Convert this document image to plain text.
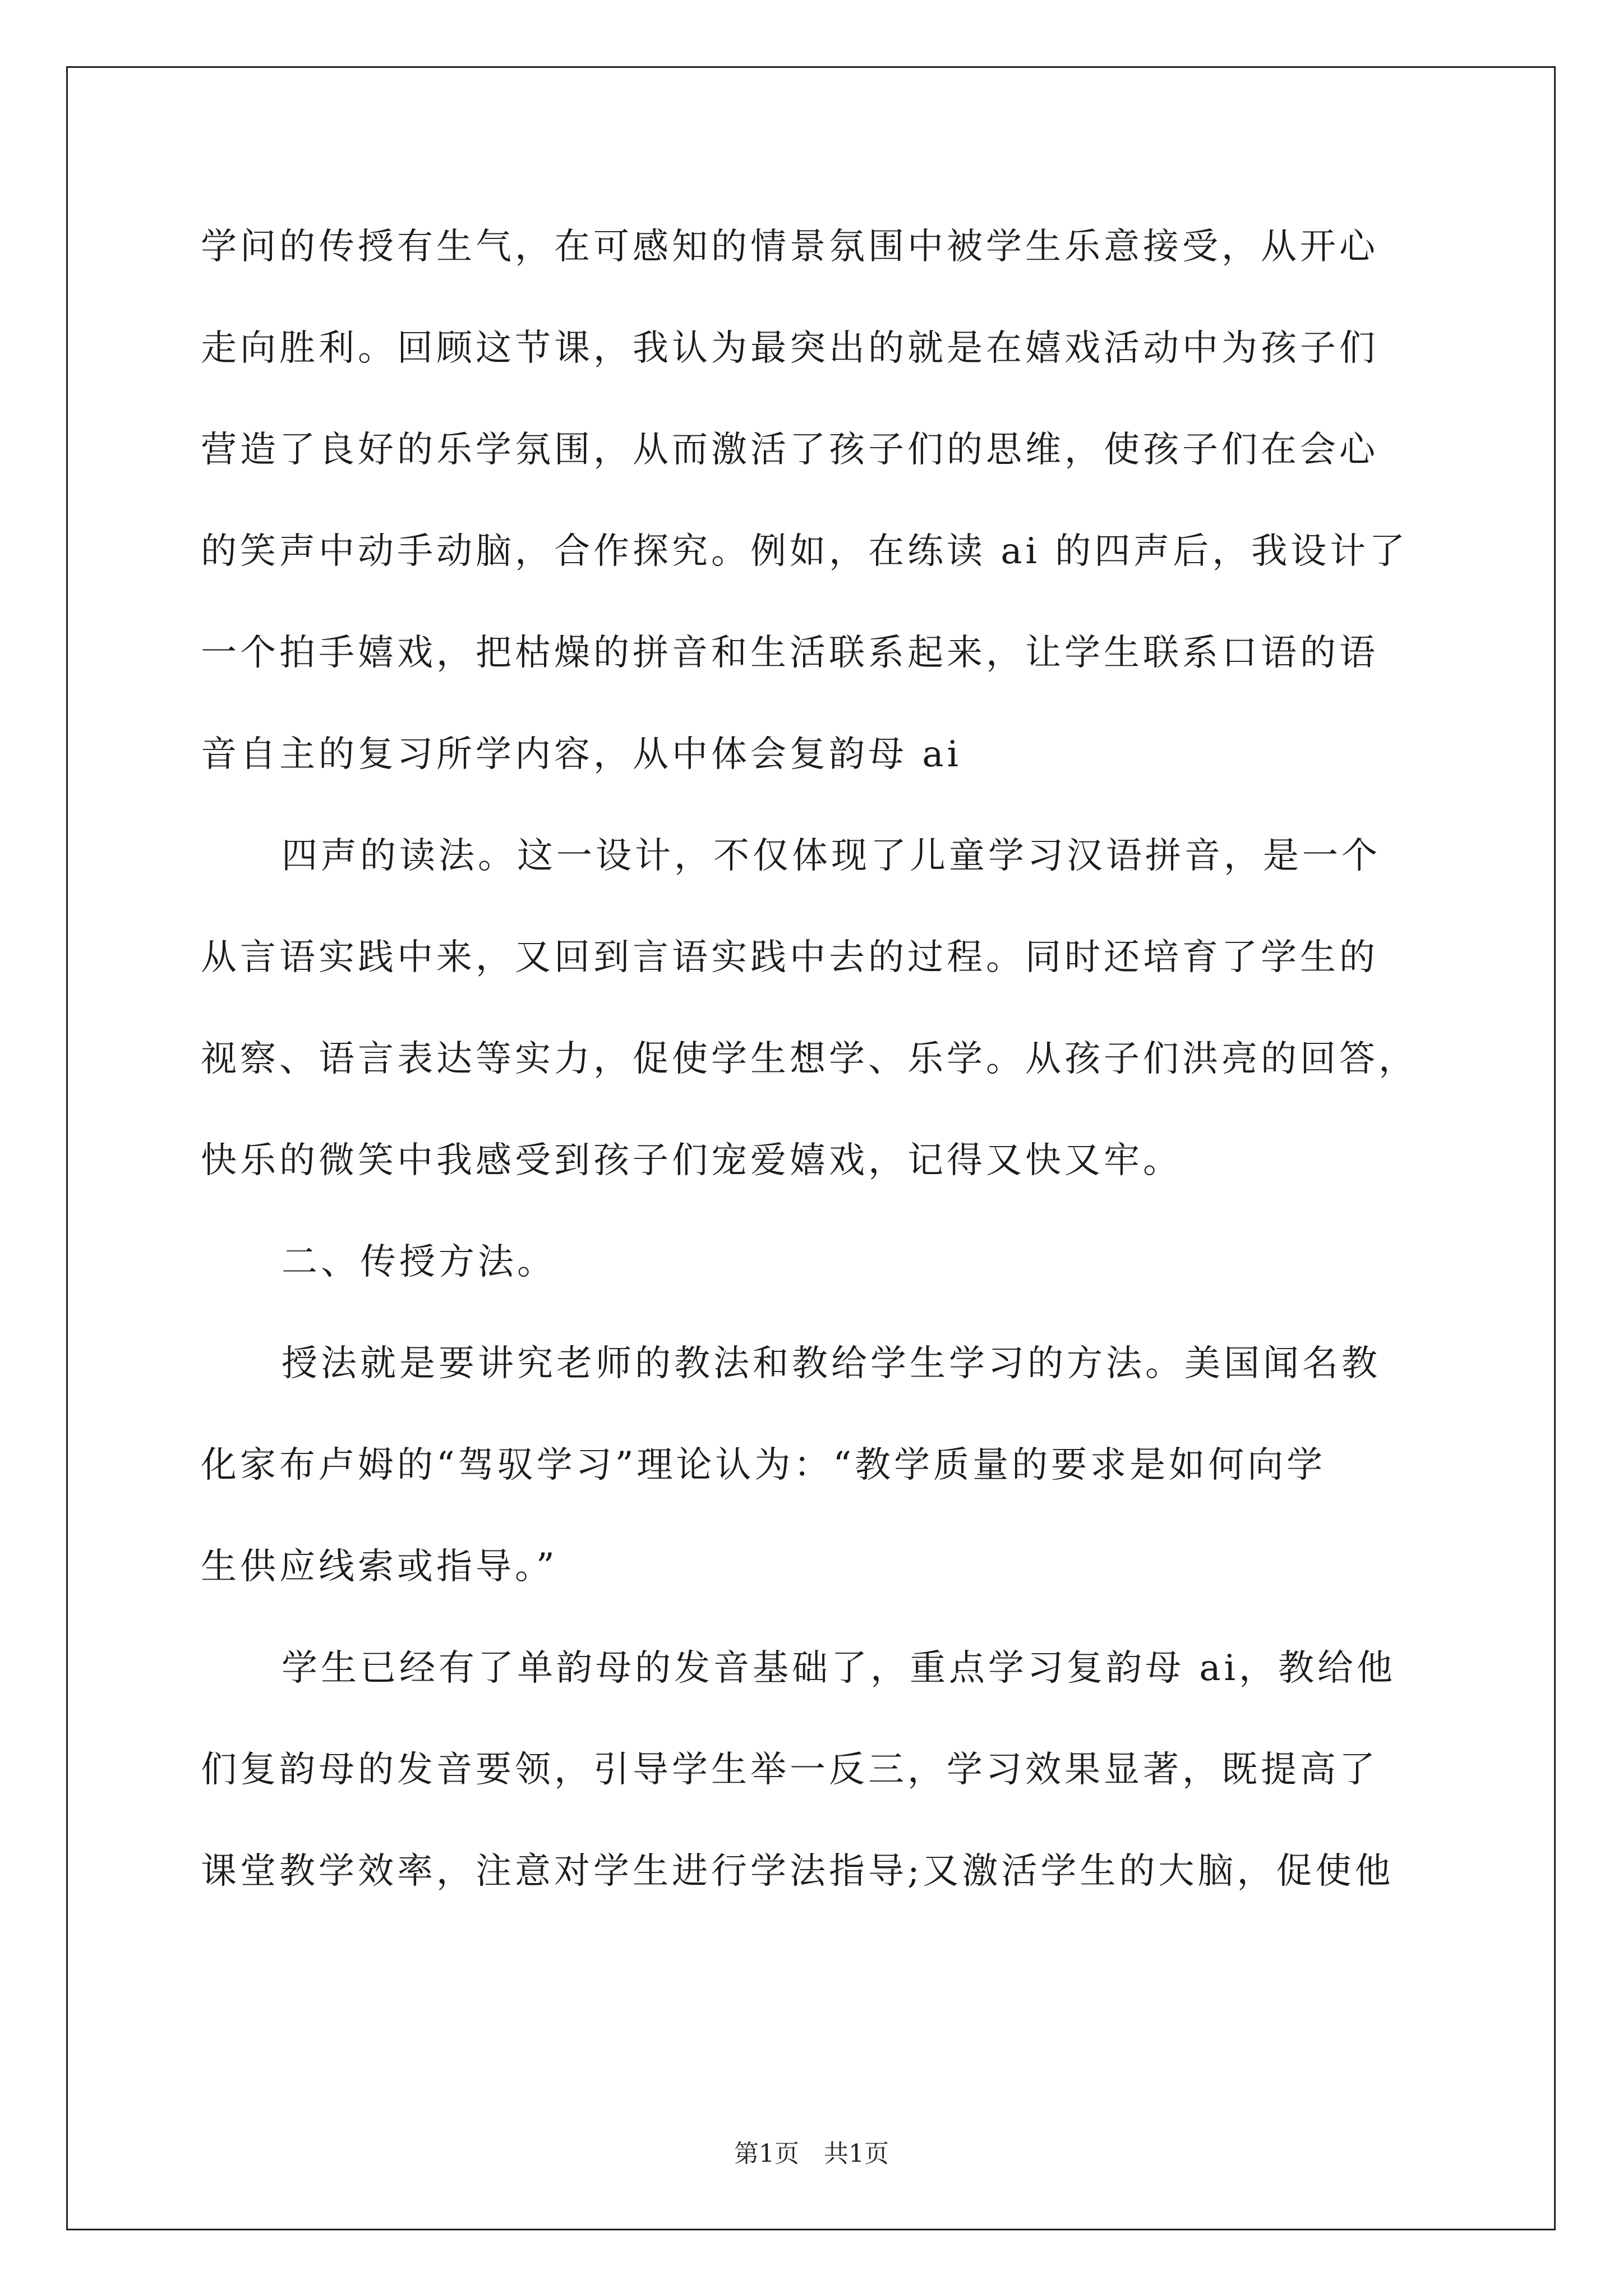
学问的传授有生气，在可感知的情景氛围中被学生乐意接受，从开心
走向胜利。回顾这节课，我认为最突出的就是在嬉戏活动中为孩子们
营造了良好的乐学氛围，从而激活了孩子们的思维，使孩子们在会心
的笑声中动手动脑，合作探究。例如，在练读 ai 的四声后，我设计了
一个拍手嬉戏，把枯燥的拼音和生活联系起来，让学生联系口语的语
音自主的复习所学内容，从中体会复韵母 ai
四声的读法。这一设计，不仅体现了儿童学习汉语拼音，是一个
从言语实践中来，又回到言语实践中去的过程。同时还培育了学生的
视察、语言表达等实力，促使学生想学、乐学。从孩子们洪亮的回答，
快乐的微笑中我感受到孩子们宠爱嬉戏，记得又快又牢。
二、传授方法。
授法就是要讲究老师的教法和教给学生学习的方法。美国闻名教
化家布卢姆的“驾驭学习”理论认为：“教学质量的要求是如何向学
生供应线索或指导。”
学生已经有了单韵母的发音基础了，重点学习复韵母 ai，教给他
们复韵母的发音要领，引导学生举一反三，学习效果显著，既提高了
课堂教学效率，注意对学生进行学法指导;又激活学生的大脑，促使他
第1页　共1页
